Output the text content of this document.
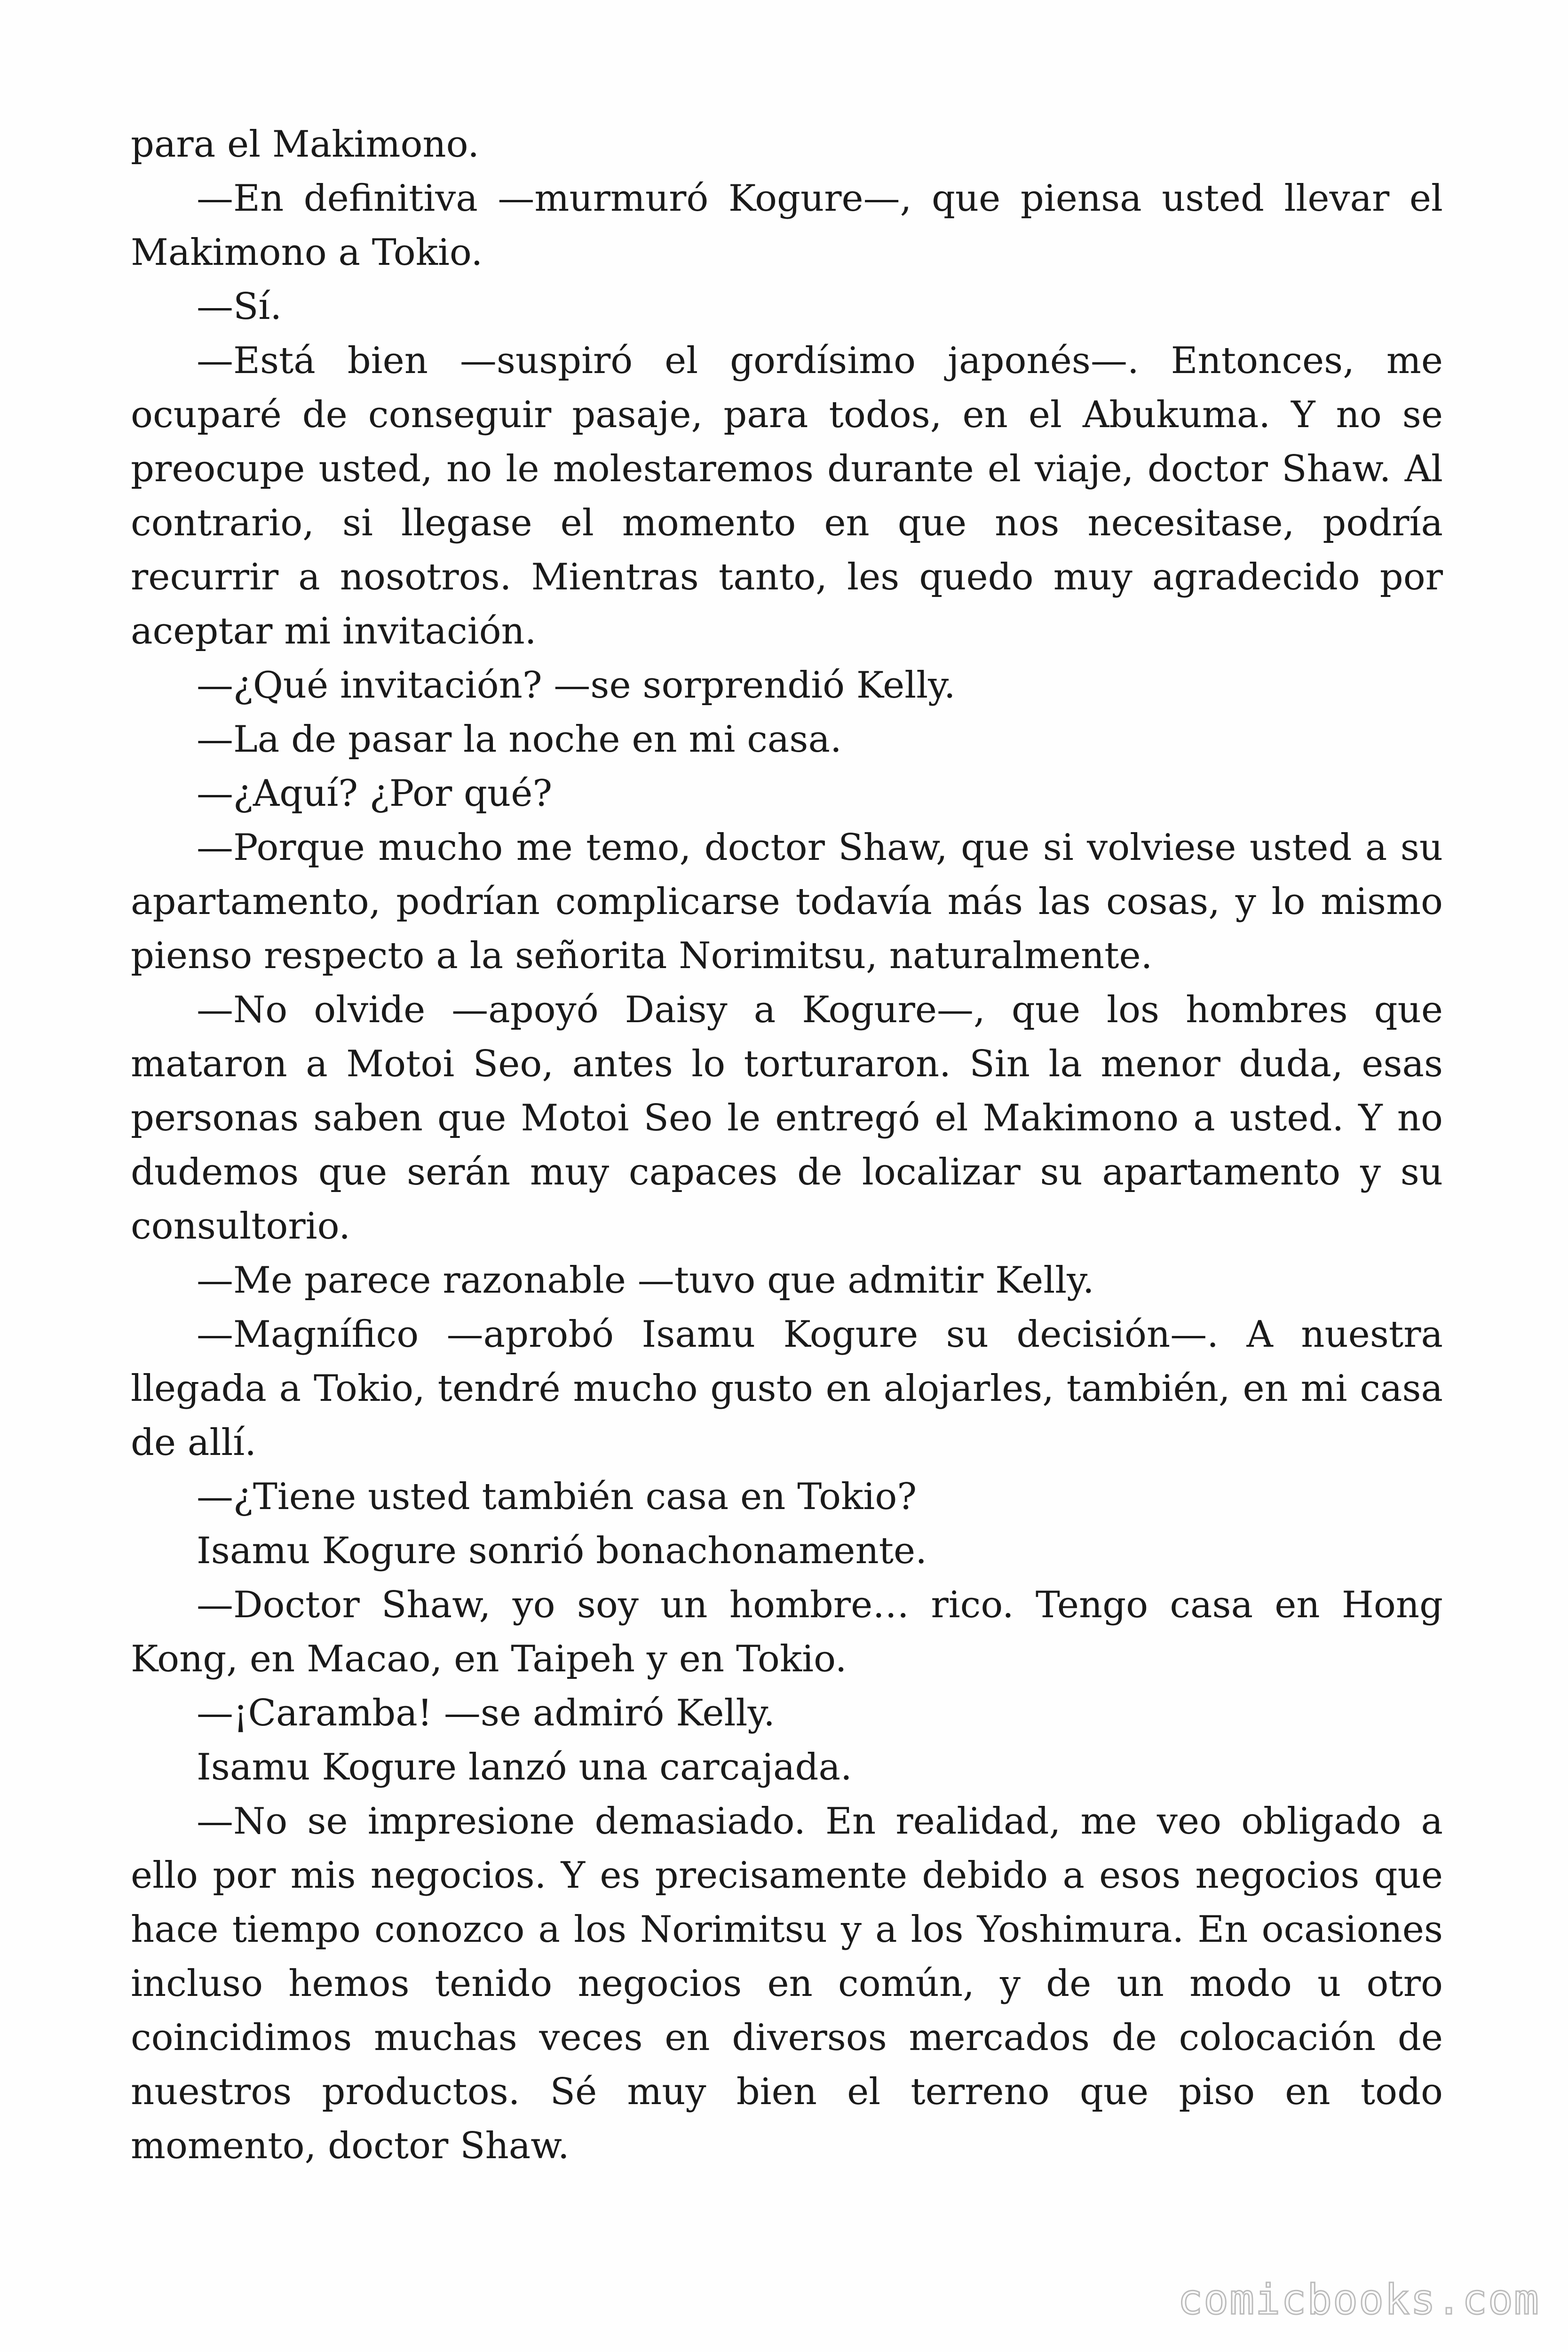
para el Makimono.

—En definitiva —murmuró Kogure—, que piensa usted llevar el Makimono a Tokio.

—Sí.

—Está bien —suspiró el gordísimo japonés—. Entonces, me ocuparé de conseguir pasaje, para todos, en el Abukuma. Y no se preocupe usted, no le molestaremos durante el viaje, doctor Shaw. Al contrario, si llegase el momento en que nos necesitase, podría recurrir a nosotros. Mientras tanto, les quedo muy agradecido por aceptar mi invitación.

—¿Qué invitación? —se sorprendió Kelly.

—La de pasar la noche en mi casa.

—¿Aquí? ¿Por qué?

—Porque mucho me temo, doctor Shaw, que si volviese usted a su apartamento, podrían complicarse todavía más las cosas, y lo mismo pienso respecto a la señorita Norimitsu, naturalmente.

—No olvide —apoyó Daisy a Kogure—, que los hombres que mataron a Motoi Seo, antes lo torturaron. Sin la menor duda, esas personas saben que Motoi Seo le entregó el Makimono a usted. Y no dudemos que serán muy capaces de localizar su apartamento y su consultorio.

—Me parece razonable —tuvo que admitir Kelly.

—Magnífico —aprobó Isamu Kogure su decisión—. A nuestra llegada a Tokio, tendré mucho gusto en alojarles, también, en mi casa de allí.

—¿Tiene usted también casa en Tokio?

Isamu Kogure sonrió bonachonamente.

—Doctor Shaw, yo soy un hombre… rico. Tengo casa en Hong Kong, en Macao, en Taipeh y en Tokio.

—¡Caramba! —se admiró Kelly.

Isamu Kogure lanzó una carcajada.

—No se impresione demasiado. En realidad, me veo obligado a ello por mis negocios. Y es precisamente debido a esos negocios que hace tiempo conozco a los Norimitsu y a los Yoshimura. En ocasiones incluso hemos tenido negocios en común, y de un modo u otro coincidimos muchas veces en diversos mercados de colocación de nuestros productos. Sé muy bien el terreno que piso en todo momento, doctor Shaw.

comicbooks.com
